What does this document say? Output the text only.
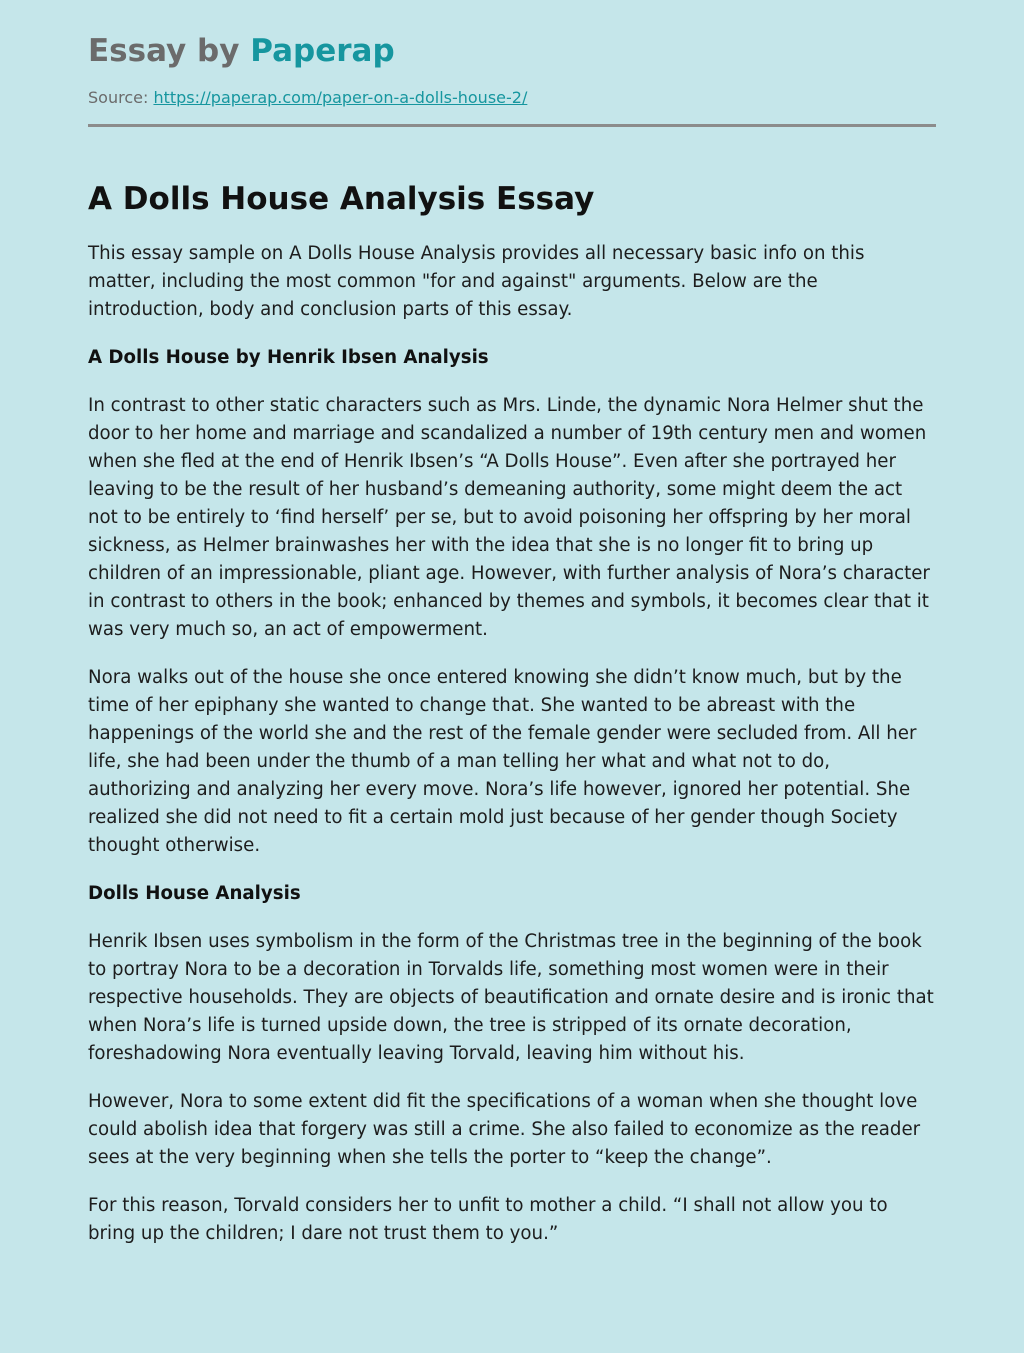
Essay by Paperap
Source: https://paperap.com/paper-on-a-dolls-house-2/
A Dolls House Analysis Essay

This essay sample on A Dolls House Analysis provides all necessary basic info on this matter, including the most common "for and against" arguments. Below are the introduction, body and conclusion parts of this essay.

A Dolls House by Henrik Ibsen Analysis

In contrast to other static characters such as Mrs. Linde, the dynamic Nora Helmer shut the door to her home and marriage and scandalized a number of 19th century men and women when she fled at the end of Henrik Ibsen’s “A Dolls House”. Even after she portrayed her leaving to be the result of her husband’s demeaning authority, some might deem the act not to be entirely to ‘find herself’ per se, but to avoid poisoning her offspring by her moral sickness, as Helmer brainwashes her with the idea that she is no longer fit to bring up children of an impressionable, pliant age. However, with further analysis of Nora’s character in contrast to others in the book; enhanced by themes and symbols, it becomes clear that it was very much so, an act of empowerment.

Nora walks out of the house she once entered knowing she didn’t know much, but by the time of her epiphany she wanted to change that. She wanted to be abreast with the happenings of the world she and the rest of the female gender were secluded from. All her life, she had been under the thumb of a man telling her what and what not to do, authorizing and analyzing her every move. Nora’s life however, ignored her potential. She realized she did not need to fit a certain mold just because of her gender though Society thought otherwise.

Dolls House Analysis

Henrik Ibsen uses symbolism in the form of the Christmas tree in the beginning of the book to portray Nora to be a decoration in Torvalds life, something most women were in their respective households. They are objects of beautification and ornate desire and is ironic that when Nora’s life is turned upside down, the tree is stripped of its ornate decoration, foreshadowing Nora eventually leaving Torvald, leaving him without his.

However, Nora to some extent did fit the specifications of a woman when she thought love could abolish idea that forgery was still a crime. She also failed to economize as the reader sees at the very beginning when she tells the porter to “keep the change”.

For this reason, Torvald considers her to unfit to mother a child. “I shall not allow you to bring up the children; I dare not trust them to you.”
